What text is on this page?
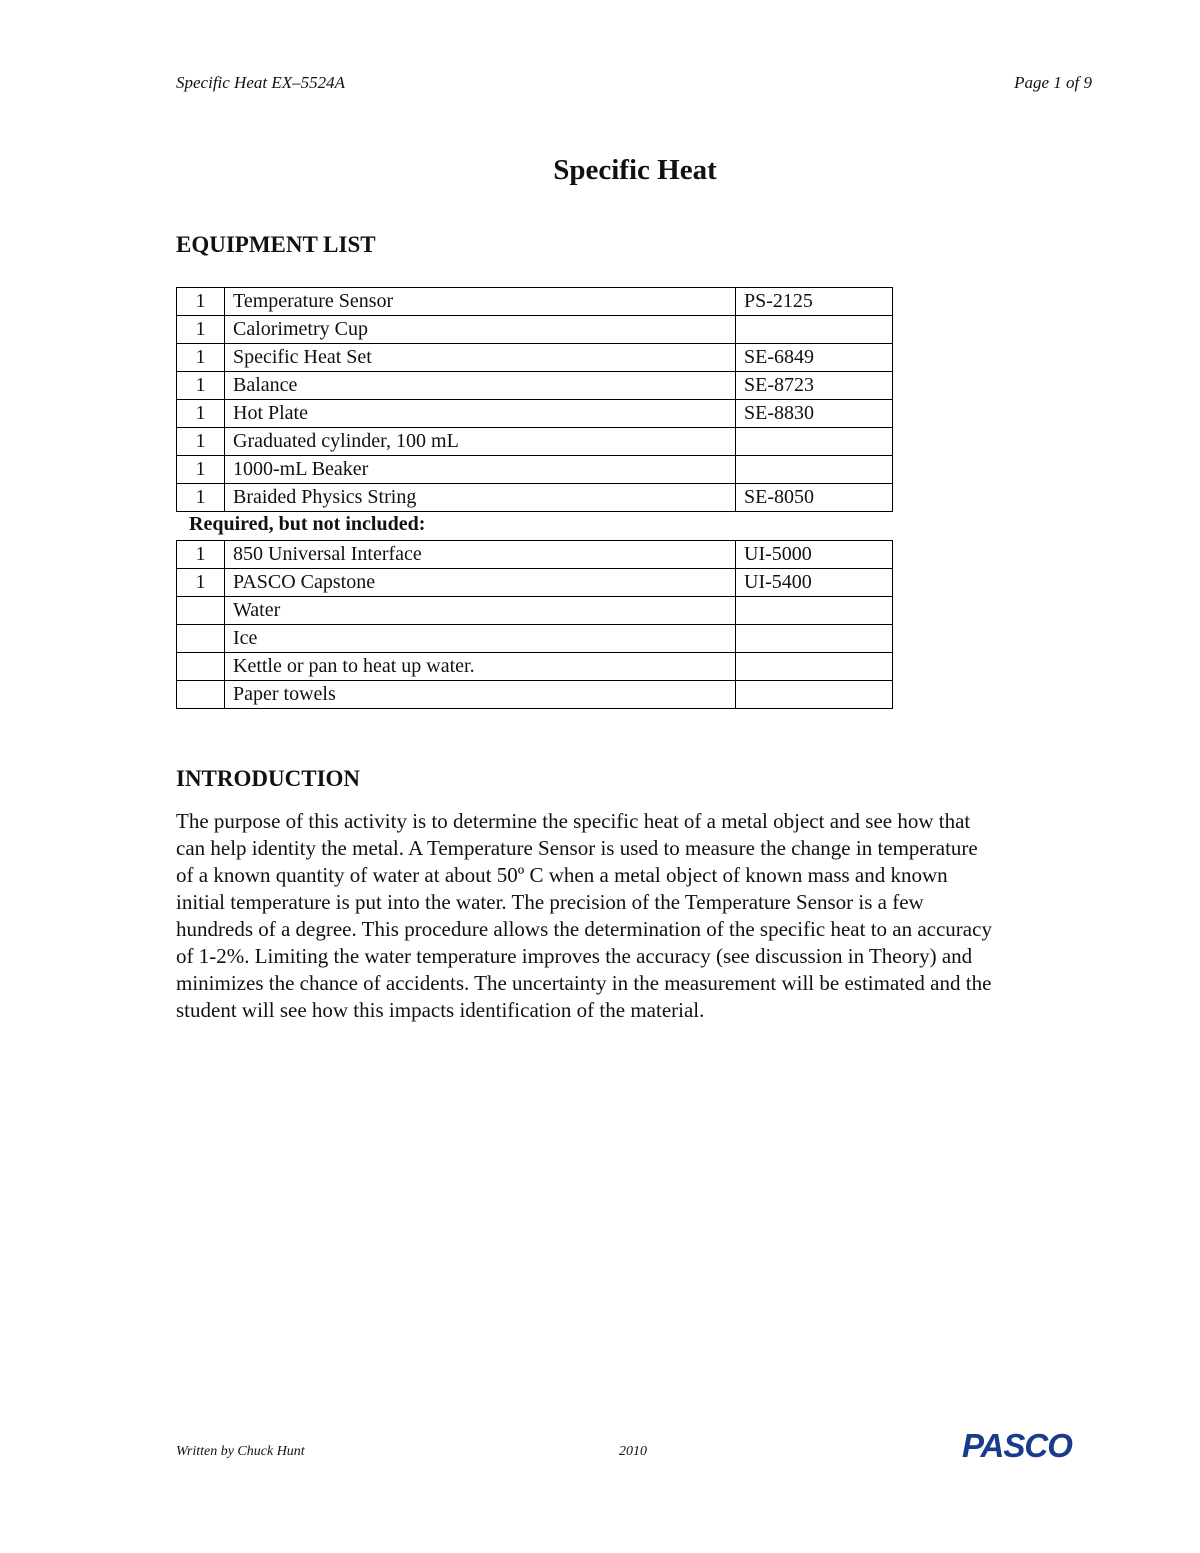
Specific Heat EX–5524A	Page 1 of 9
Specific Heat
EQUIPMENT LIST
1	Temperature Sensor	PS-2125
1	Calorimetry Cup	
1	Specific Heat Set	SE-6849
1	Balance	SE-8723
1	Hot Plate	SE-8830
1	Graduated cylinder, 100 mL	
1	1000-mL Beaker	
1	Braided Physics String	SE-8050
Required, but not included:
1	850 Universal Interface	UI-5000
1	PASCO Capstone	UI-5400
	Water	
	Ice	
	Kettle or pan to heat up water.	
	Paper towels	
INTRODUCTION
The purpose of this activity is to determine the specific heat of a metal object and see how that
can help identity the metal. A Temperature Sensor is used to measure the change in temperature
of a known quantity of water at about 50º C when a metal object of known mass and known
initial temperature is put into the water. The precision of the Temperature Sensor is a few
hundreds of a degree. This procedure allows the determination of the specific heat to an accuracy
of 1-2%. Limiting the water temperature improves the accuracy (see discussion in Theory) and
minimizes the chance of accidents. The uncertainty in the measurement will be estimated and the
student will see how this impacts identification of the material.
Written by Chuck Hunt	2010	PASCO
